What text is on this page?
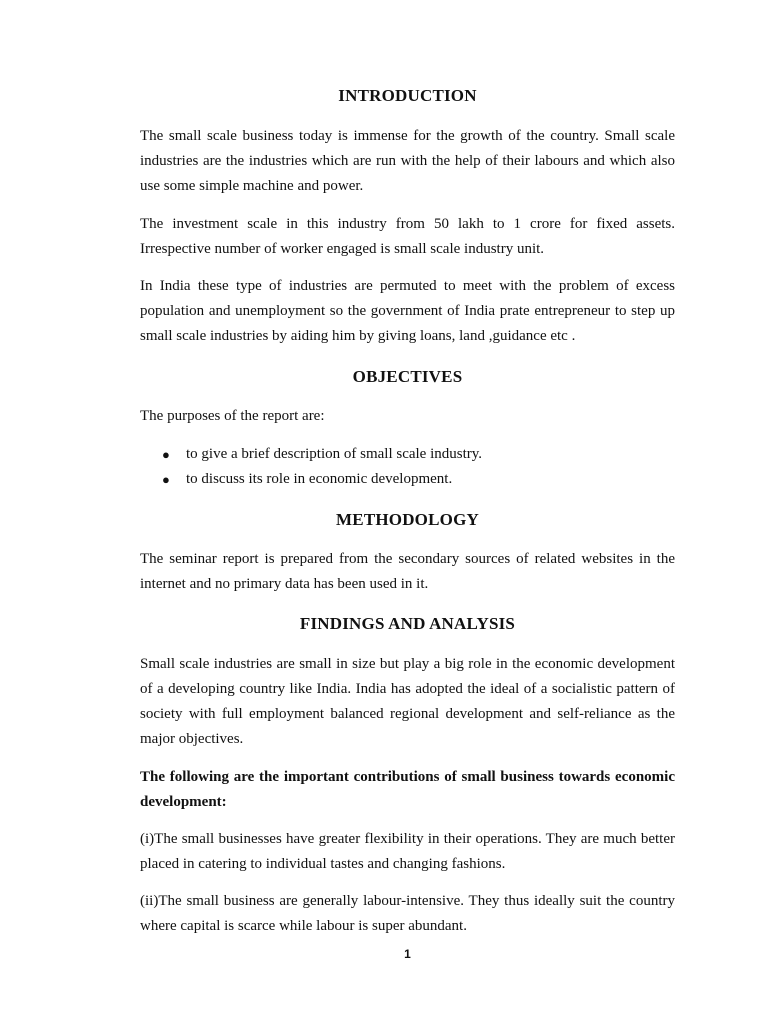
INTRODUCTION

The small scale business today is immense for the growth of the country. Small scale industries are the industries which are run with the help of their labours and which also use some simple machine and power.

The investment scale in this industry from 50 lakh to 1 crore for fixed assets. Irrespective number of worker engaged is small scale industry unit.

In India these type of industries are permuted to meet with the problem of excess population and unemployment so the government of India prate entrepreneur to step up small scale industries by aiding him by giving loans, land ,guidance etc .

OBJECTIVES

The purposes of the report are:

● to give a brief description of small scale industry.
● to discuss its role in economic development.
METHODOLOGY

The seminar report is prepared from the secondary sources of related websites in the internet and no primary data has been used in it.

FINDINGS AND ANALYSIS

Small scale industries are small in size but play a big role in the economic development of a developing country like India. India has adopted the ideal of a socialistic pattern of society with full employment balanced regional development and self-reliance as the major objectives.

The following are the important contributions of small business towards economic development:

(i)The small businesses have greater flexibility in their operations. They are much better placed in catering to individual tastes and changing fashions.

(ii)The small business are generally labour-intensive. They thus ideally suit the country where capital is scarce while labour is super abundant.

1
